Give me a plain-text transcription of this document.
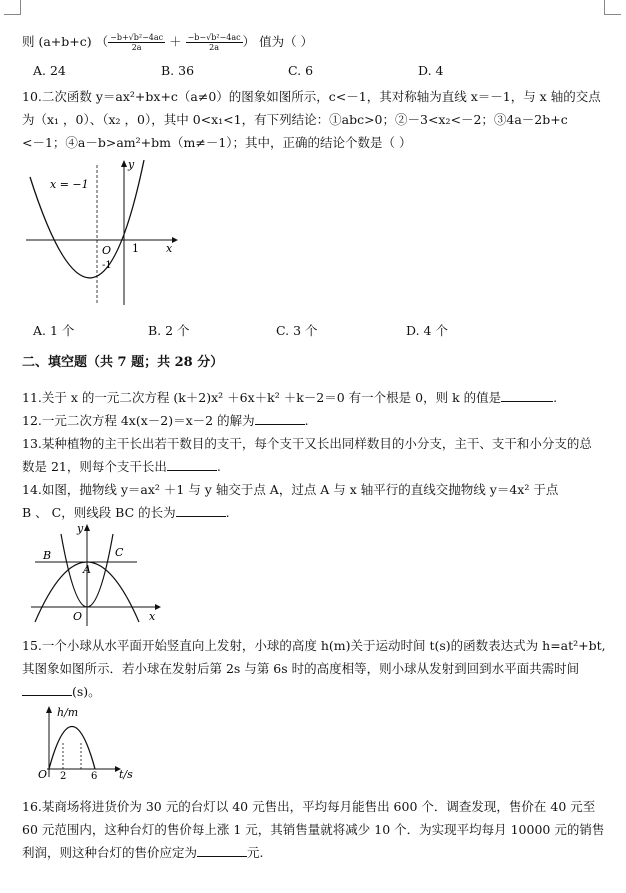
则 (a+b+c) （ $\frac{\text{−b+√b²−4ac}}{2a} + \frac{\text{−b−√b²−4ac}}{2a}$） 值为（ ）
A. 24	B. 36	C. 6	D. 4
10.二次函数 y＝ax²+bx+c（a≠0）的图象如图所示，c<－1，其对称轴为直线 x＝－1，与 x 轴的交点
为（x₁ ，0）、（x₂ ，0），其中 0<x₁<1，有下列结论：①abc>0；②－3<x₂<－2；③4a－2b+c
<－1；④a－b>am²+bm（m≠－1）；其中，正确的结论个数是（ ）
x = −1
y
x
O 1
-1
A. 1 个	B. 2 个	C. 3 个	D. 4 个
二、填空题（共 7 题；共 28 分）
11.关于 x 的一元二次方程 (k＋2)x² ＋6x＋k² ＋k－2＝0 有一个根是 0，则 k 的值是	.
12.一元二次方程 4x(x－2)＝x－2 的解为	.
13.某种植物的主干长出若干数目的支干，每个支干又长出同样数目的小分支，主干、支干和小分支的总
数是 21，则每个支干长出	.
14.如图，抛物线 y＝ax² ＋1 与 y 轴交于点 A，过点 A 与 x 轴平行的直线交抛物线 y＝4x² 于点
B 、 C，则线段 BC 的长为	.
B	C
A
O	x
y
15.一个小球从水平面开始竖直向上发射，小球的高度 h(m)关于运动时间 t(s)的函数表达式为 h=at²+bt,
其图象如图所示．若小球在发射后第 2s 与第 6s 时的高度相等，则小球从发射到回到水平面共需时间
(s)。
h/m
t/s
O 2 6
16.某商场将进货价为 30 元的台灯以 40 元售出，平均每月能售出 600 个．调查发现，售价在 40 元至
60 元范围内，这种台灯的售价每上涨 1 元，其销售量就将减少 10 个．为实现平均每月 10000 元的销售
利润，则这种台灯的售价应定为	元.
